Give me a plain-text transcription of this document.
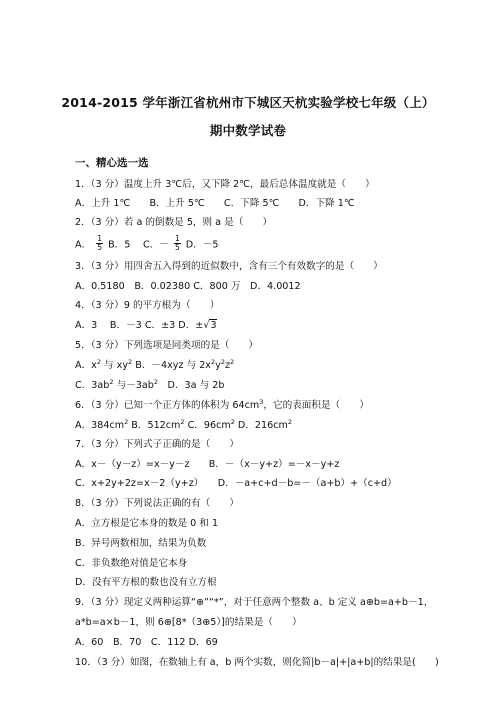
2014-2015 学年浙江省杭州市下城区天杭实验学校七年级（上）
期中数学试卷
一、精心选一选
1．（3 分）温度上升 3℃后，又下降 2℃，最后总体温度就是（　　）
A．上升 1℃　　B．上升 5℃　　C．下降 5℃　　D．下降 1℃
2．（3 分）若 a 的倒数是 5，则 a 是（　　）
A． $\frac{1}{5}$ B．5　 C．－ $\frac{1}{5}$ D．－5
3．（3 分）用四舍五入得到的近似数中，含有三个有效数字的是（　　）
A．0.5180　B．0.02380 C．800 万　D．4.0012
4．（3 分）9 的平方根为（　　）
A．3　 B．－3 C．±3 D．±√3
5．（3 分）下列选项是同类项的是（　　）
A．$x^2$ 与 $xy^2$ B．－4xyz 与 $2x^2y^2z^2$
C．$3ab^2$ 与$-3ab^2$　D．3a 与 2b
6．（3 分）已知一个正方体的体积为 $64cm^3$，它的表面积是（　　）
A．$384cm^2$ B．$512cm^2$ C．$96cm^2$ D．$216cm^2$
7．（3 分）下列式子正确的是（　　）
A．x－（y－z）=x－y－z　　B．－（x－y+z）=－x－y+z
C．x+2y+2z=x－2（y+z）　　D．－a+c+d－b=－（a+b）+（c+d）
8．（3 分）下列说法正确的有（　　）
A．立方根是它本身的数是 0 和 1
B．异号两数相加，结果为负数
C．非负数绝对值是它本身
D．没有平方根的数也没有立方根
9．（3 分）现定义两种运算“⊕”“*”，对于任意两个整数 a、b 定义 a⊕b=a+b－1，
a*b=a×b－1，则 6⊕[8*（3⊕5）]的结果是（　　）
A．60　B．70　C．112 D．69
10．（3 分）如图，在数轴上有 a，b 两个实数，则化简|b－a|+|a+b|的结果是(　　)
